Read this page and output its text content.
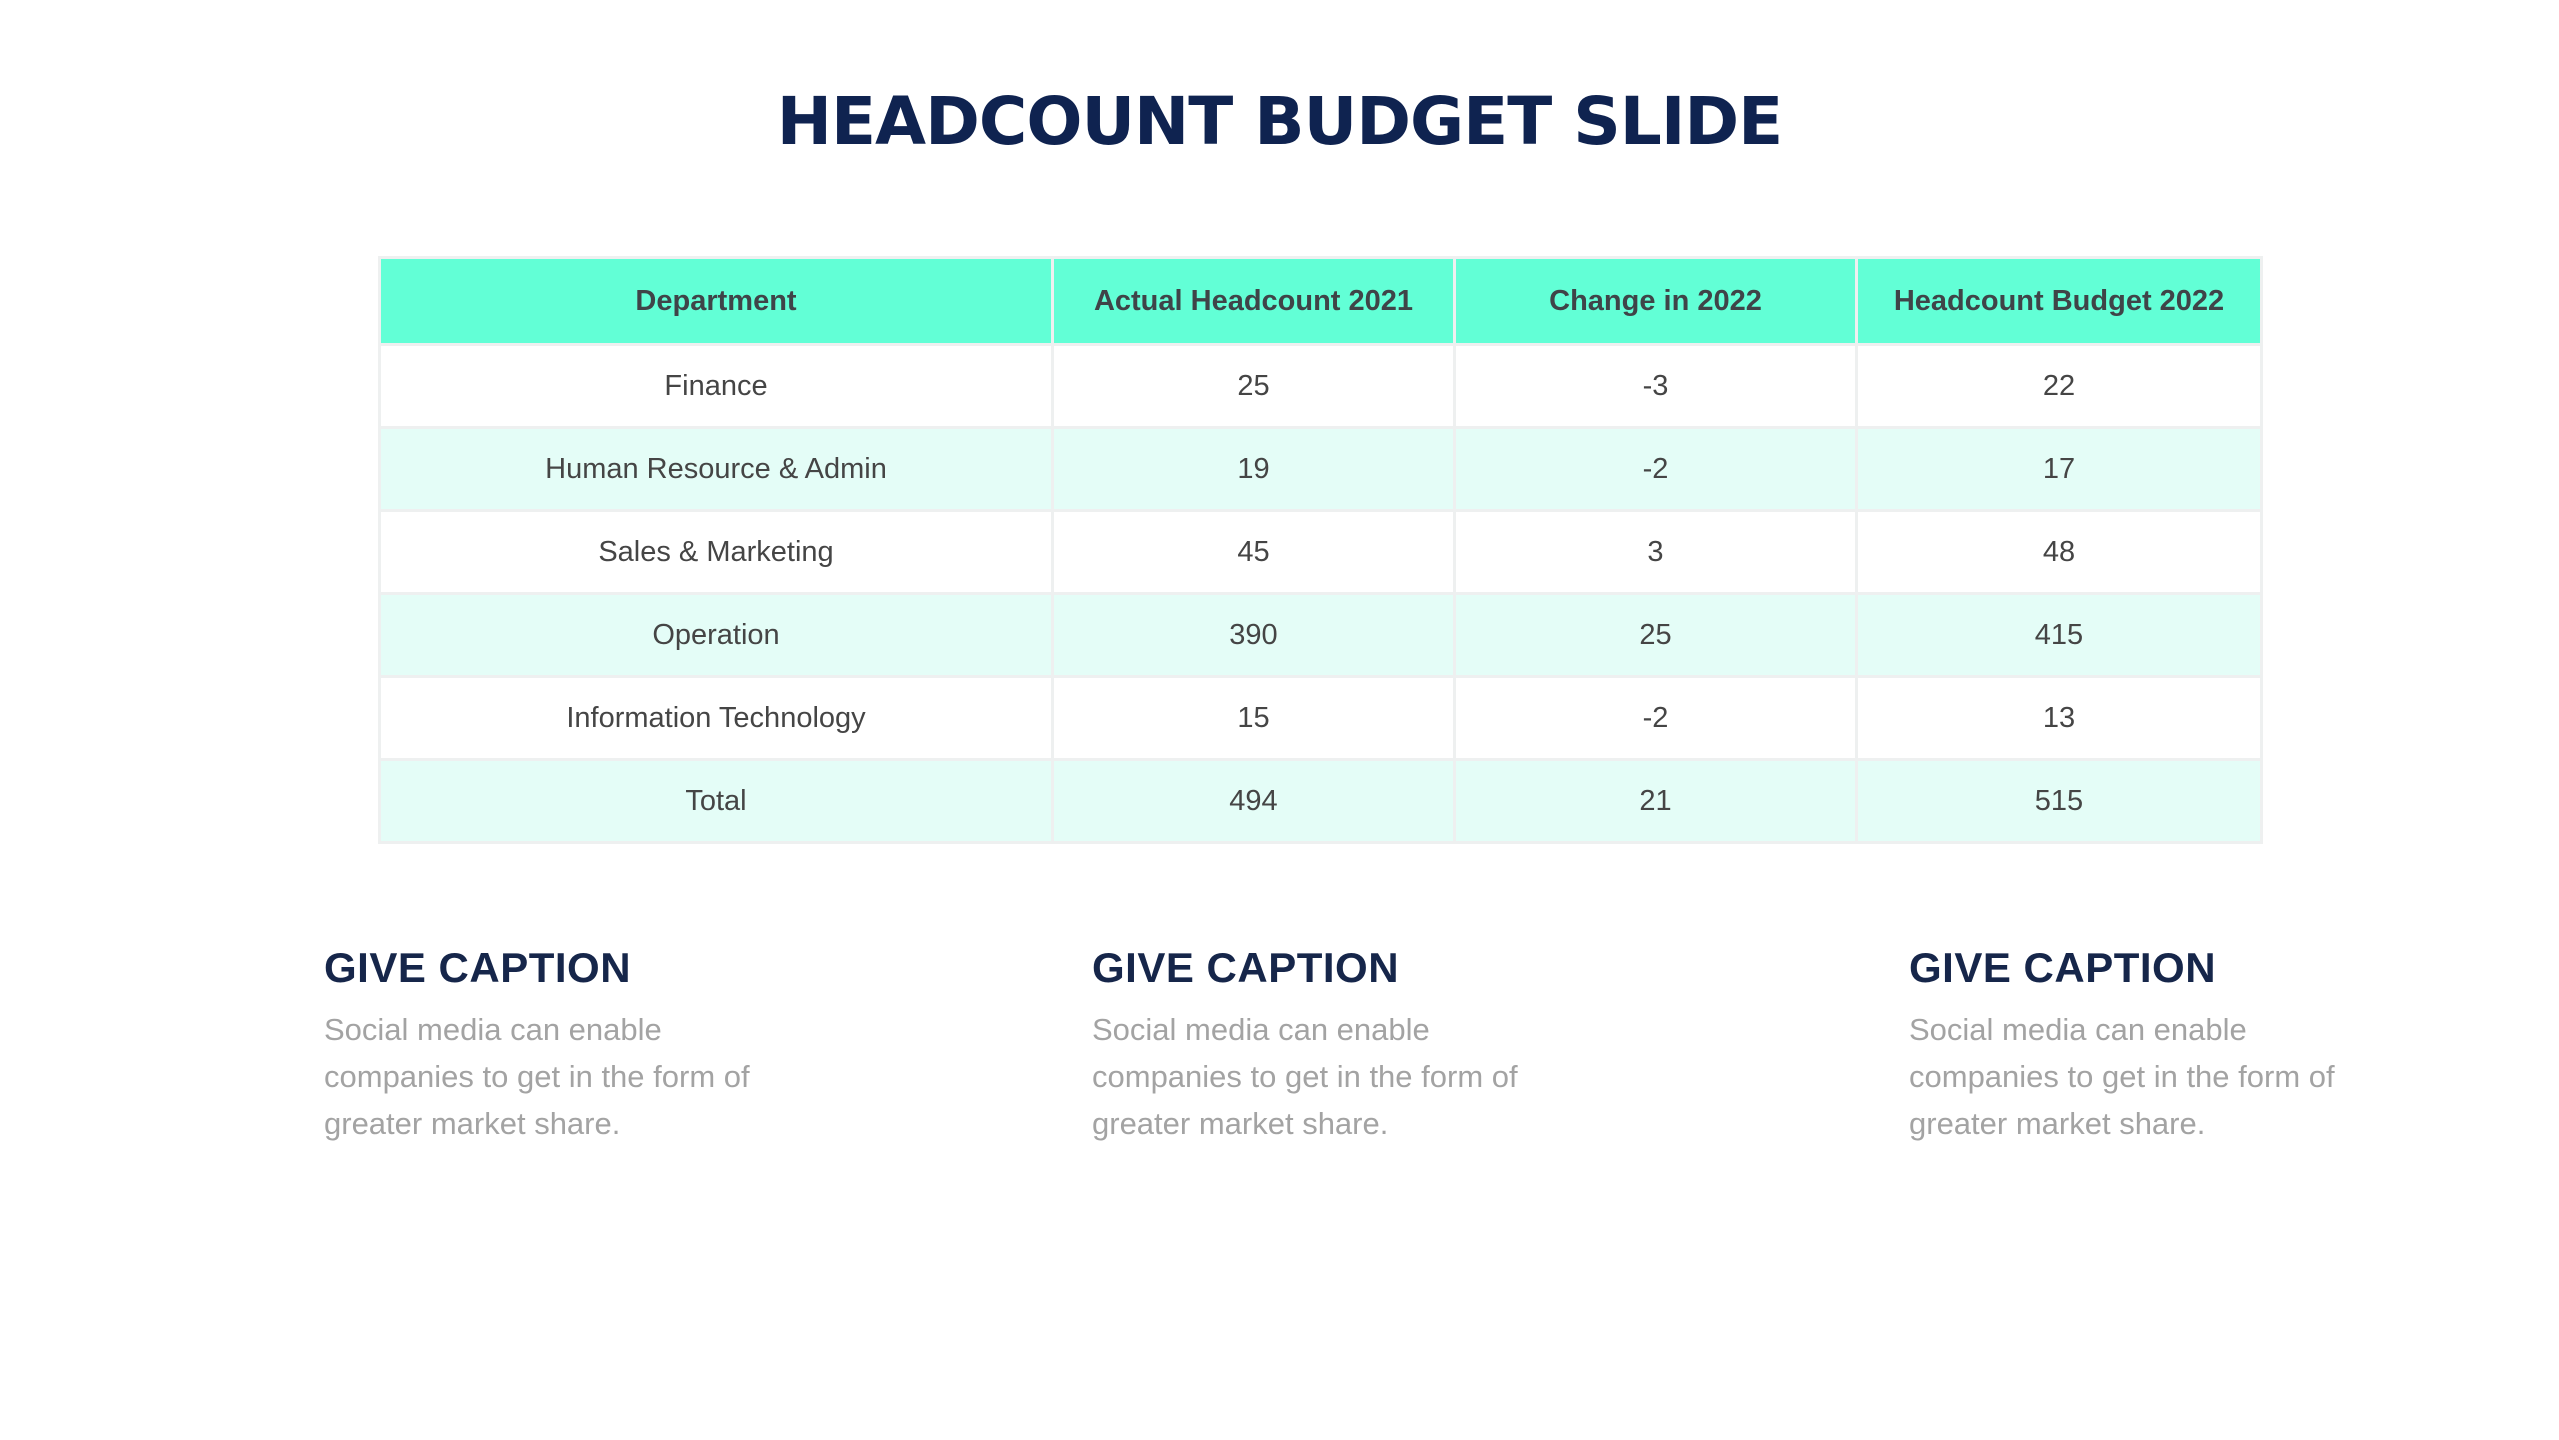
HEADCOUNT BUDGET SLIDE
Department	Actual Headcount 2021	Change in 2022	Headcount Budget 2022
Finance	25	-3	22
Human Resource & Admin	19	-2	17
Sales & Marketing	45	3	48
Operation	390	25	415
Information Technology	15	-2	13
Total	494	21	515
GIVE CAPTION

Social media can enable companies to get in the form of greater market share.

GIVE CAPTION

Social media can enable companies to get in the form of greater market share.

GIVE CAPTION

Social media can enable companies to get in the form of greater market share.
